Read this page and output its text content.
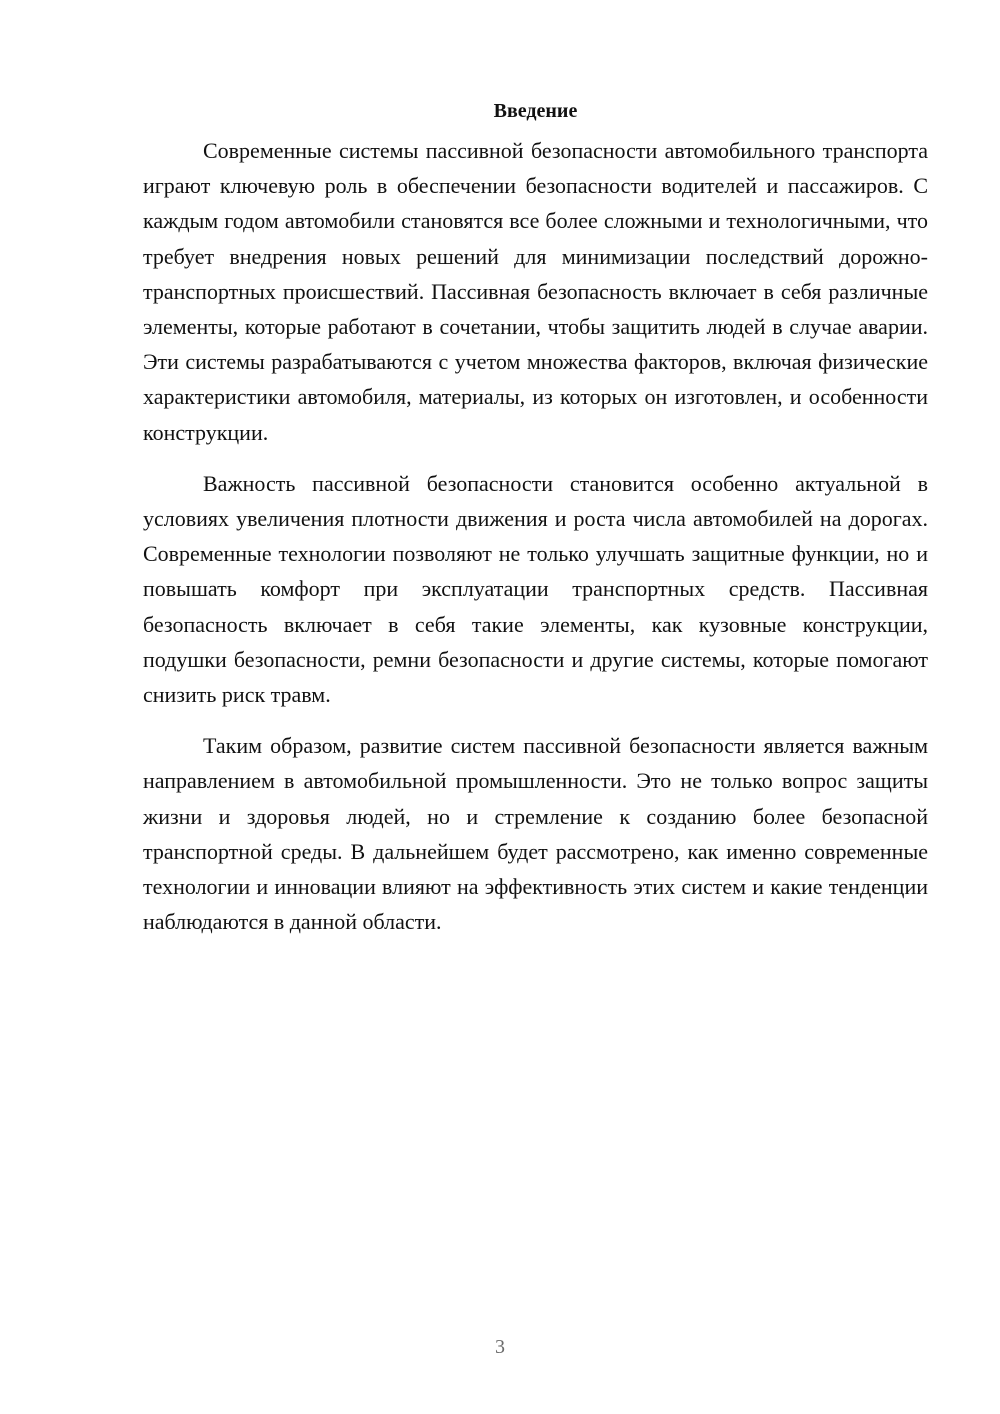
Введение

Современные системы пассивной безопасности автомобильного транспорта играют ключевую роль в обеспечении безопасности водителей и пассажиров. С каждым годом автомобили становятся все более сложными и технологичными, что требует внедрения новых решений для минимизации последствий дорожно-транспортных происшествий. Пассивная безопасность включает в себя различные элементы, которые работают в сочетании, чтобы защитить людей в случае аварии. Эти системы разрабатываются с учетом множества факторов, включая физические характеристики автомобиля, материалы, из которых он изготовлен, и особенности конструкции.

Важность пассивной безопасности становится особенно актуальной в условиях увеличения плотности движения и роста числа автомобилей на дорогах. Современные технологии позволяют не только улучшать защитные функции, но и повышать комфорт при эксплуатации транспортных средств. Пассивная безопасность включает в себя такие элементы, как кузовные конструкции, подушки безопасности, ремни безопасности и другие системы, которые помогают снизить риск травм.

Таким образом, развитие систем пассивной безопасности является важным направлением в автомобильной промышленности. Это не только вопрос защиты жизни и здоровья людей, но и стремление к созданию более безопасной транспортной среды. В дальнейшем будет рассмотрено, как именно современные технологии и инновации влияют на эффективность этих систем и какие тенденции наблюдаются в данной области.

3
